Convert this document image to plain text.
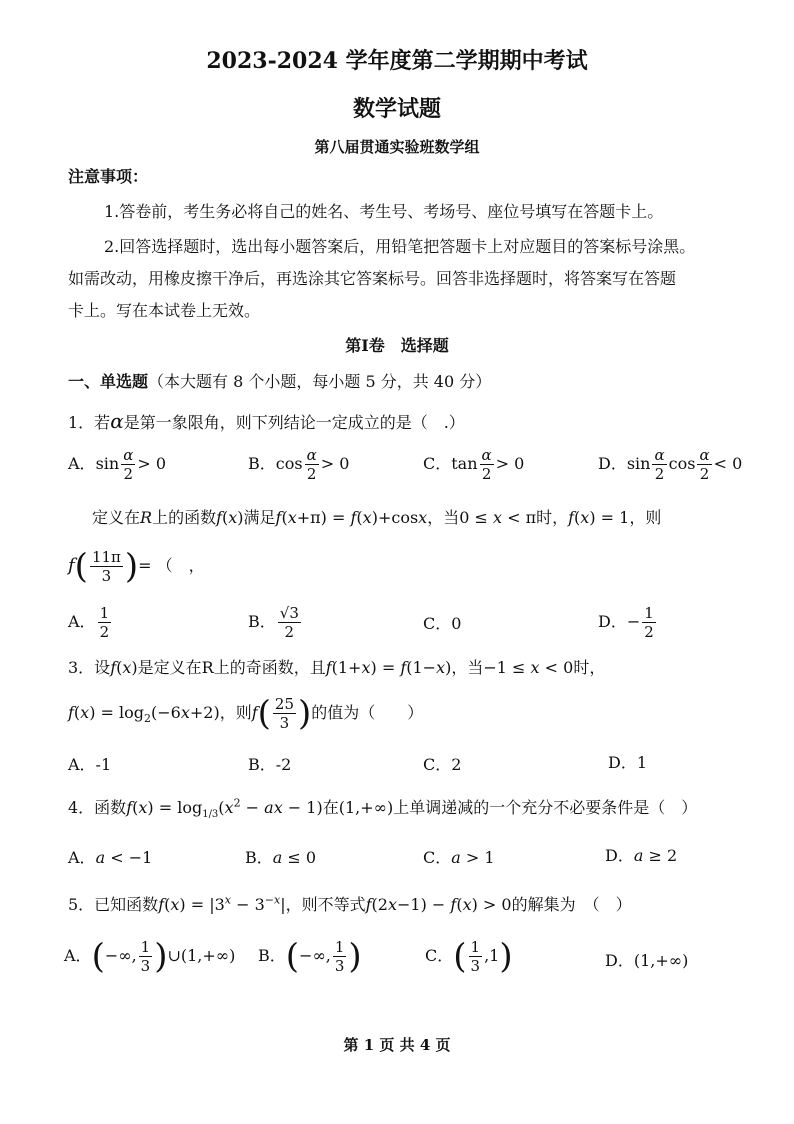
2023-2024 学年度第二学期期中考试
数学试题
第八届贯通实验班数学组
注意事项：
1.答卷前，考生务必将自己的姓名、考生号、考场号、座位号填写在答题卡上。
2.回答选择题时，选出每小题答案后，用铅笔把答题卡上对应题目的答案标号涂黑。
如需改动，用橡皮擦干净后，再选涂其它答案标号。回答非选择题时，将答案写在答题
卡上。写在本试卷上无效。
第I卷　选择题
一、单选题（本大题有 8 个小题，每小题 5 分，共 40 分）
1．若α是第一象限角，则下列结论一定成立的是（　.）
A．$\sin \frac{\alpha}{2} > 0$	B．$\cos \frac{\alpha}{2} > 0$	C．$\tan \frac{\alpha}{2} > 0$	D．$\sin \frac{\alpha}{2}$ $\cos \frac{\alpha}{2} < 0$
定义在R上的函数f(x)满足f(x+π) = f(x)+cosx，当0 ≤ x < π时，f(x) = 1，则
$f( \frac{11\pi}{3}$ )= （　，
A． $\frac{1}{2}$	B． $\frac{√3}{2}$	C．0	D．− $\frac{1}{2}$
3．设f(x)是定义在R上的奇函数，且f(1+x) = f(1−x)，当−1 ≤ x < 0时，
$f(x) = \log_2(-6x+2)$，则$f( \frac{25}{3}$ )的值为（　　）
A．-1	B．-2	C．2	D．1
4．函数$f(x) = \log_{1/3}(x^2$ − ax − 1)在(1,+∞)上单调递减的一个充分不必要条件是（　）
A．a < −1	B．a ≤ 0	C．a > 1	D．a ≥ 2
5．已知函数$f(x) = |3^x - 3^{-x}|$，则不等式f(2x−1) − f(x) > 0的解集为　（　）
A．(−∞, $\frac{1}{3}$ )∪(1,+∞) B．(−∞, $\frac{1}{3}$ )	C．( $\frac{1}{3} ,1$)	D．(1,+∞)
第 1 页 共 4 页
